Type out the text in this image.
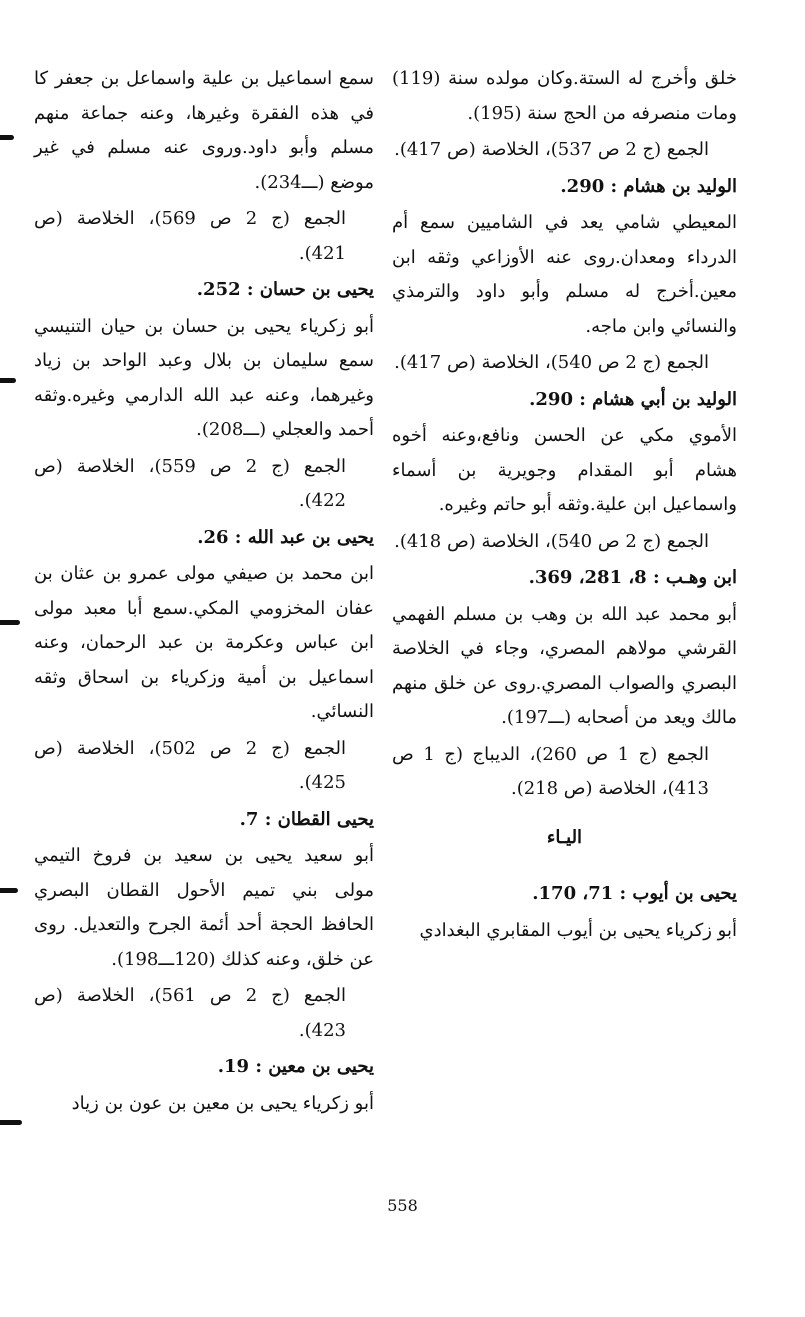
خلق وأخرج له الستة.وكان مولده سنة (119) ومات منصرفه من الحج سنة (195).

الجمع (ج 2 ص 537)، الخلاصة (ص 417).

الوليد بن هشام : 290.

المعيطي شامي يعد في الشاميين سمع أم الدرداء ومعدان.روى عنه الأوزاعي وثقه ابن معين.أخرج له مسلم وأبو داود والترمذي والنسائي وابن ماجه.

الجمع (ج 2 ص 540)، الخلاصة (ص 417).

الوليد بن أبي هشام : 290.

الأموي مكي عن الحسن ونافع،وعنه أخوه هشام أبو المقدام وجويرية بن أسماء واسماعيل ابن علية.وثقه أبو حاتم وغيره.

الجمع (ج 2 ص 540)، الخلاصة (ص 418).

ابن وهـب : 8، 281، 369.

أبو محمد عبد الله بن وهب بن مسلم الفهمي القرشي مولاهم المصري، وجاء في الخلاصة البصري والصواب المصري.روى عن خلق منهم مالك ويعد من أصحابه (ـــ197).

الجمع (ج 1 ص 260)، الديباج (ج 1 ص 413)، الخلاصة (ص 218).

اليـاء

يحيى بن أيوب : 71، 170.

أبو زكرياء يحيى بن أيوب المقابري البغدادي

سمع اسماعيل بن علية واسماعل بن جعفر كا في هذه الفقرة وغيرها، وعنه جماعة منهم مسلم وأبو داود.وروى عنه مسلم في غير موضع (ـــ234).

الجمع (ج 2 ص 569)، الخلاصة (ص 421).

يحيى بن حسان : 252.

أبو زكرياء يحيى بن حسان بن حيان التنيسي سمع سليمان بن بلال وعبد الواحد بن زياد وغيرهما، وعنه عبد الله الدارمي وغيره.وثقه أحمد والعجلي (ـــ208).

الجمع (ج 2 ص 559)، الخلاصة (ص 422).

يحيى بن عبد الله : 26.

ابن محمد بن صيفي مولى عمرو بن عثان بن عفان المخزومي المكي.سمع أبا معبد مولى ابن عباس وعكرمة بن عبد الرحمان، وعنه اسماعيل بن أمية وزكرياء بن اسحاق وثقه النسائي.

الجمع (ج 2 ص 502)، الخلاصة (ص 425).

يحيى القطان : 7.

أبو سعيد يحيى بن سعيد بن فروخ التيمي مولى بني تميم الأحول القطان البصري الحافظ الحجة أحد أئمة الجرح والتعديل. روى عن خلق، وعنه كذلك (120ـــ198).

الجمع (ج 2 ص 561)، الخلاصة (ص 423).

يحيى بن معين : 19.

أبو زكرياء يحيى بن معين بن عون بن زياد

558
